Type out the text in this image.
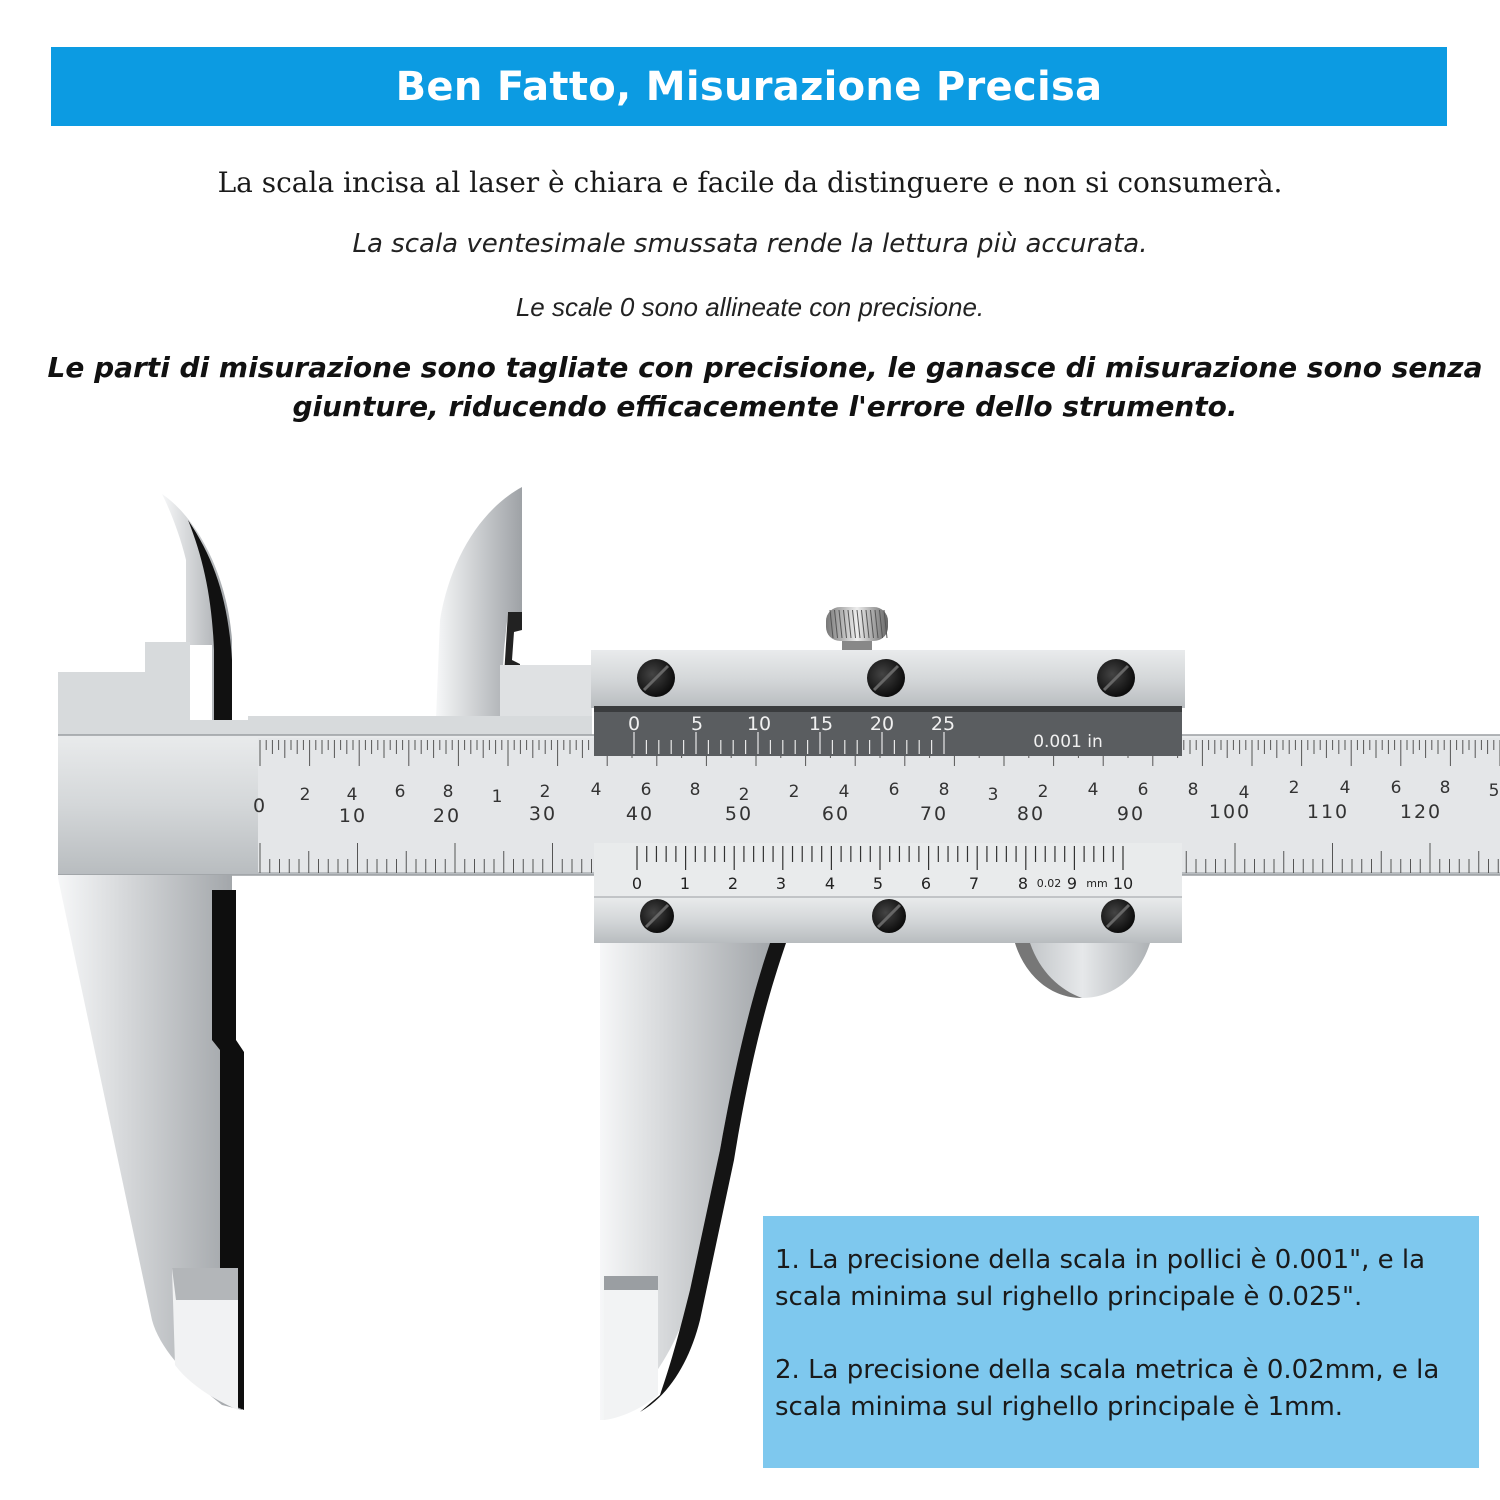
Ben Fatto, Misurazione Precisa
La scala incisa al laser è chiara e facile da distinguere e non si consumerà.
La scala ventesimale smussata rende la lettura più accurata.
Le scale 0 sono allineate con precisione.
Le parti di misurazione sono tagliate con precisione, le ganasce di misurazione sono senza giunture, riducendo efficacemente l'errore dello strumento.
2 4 6 8 1 2 4 6 8 2 2 4 6 8 3 2 4 6 8 4 2 4 6 8 5
0	10	20	30	40	50	60	70	80	90	100	110	120
0	5 10 15 20 25
0.001 in
0 1 2 3 4 5 6 7 8 0.02 9 mm 10

1. La precisione della scala in pollici è 0.001", e la scala minima sul righello principale è 0.025".

2. La precisione della scala metrica è 0.02mm, e la scala minima sul righello principale è 1mm.
